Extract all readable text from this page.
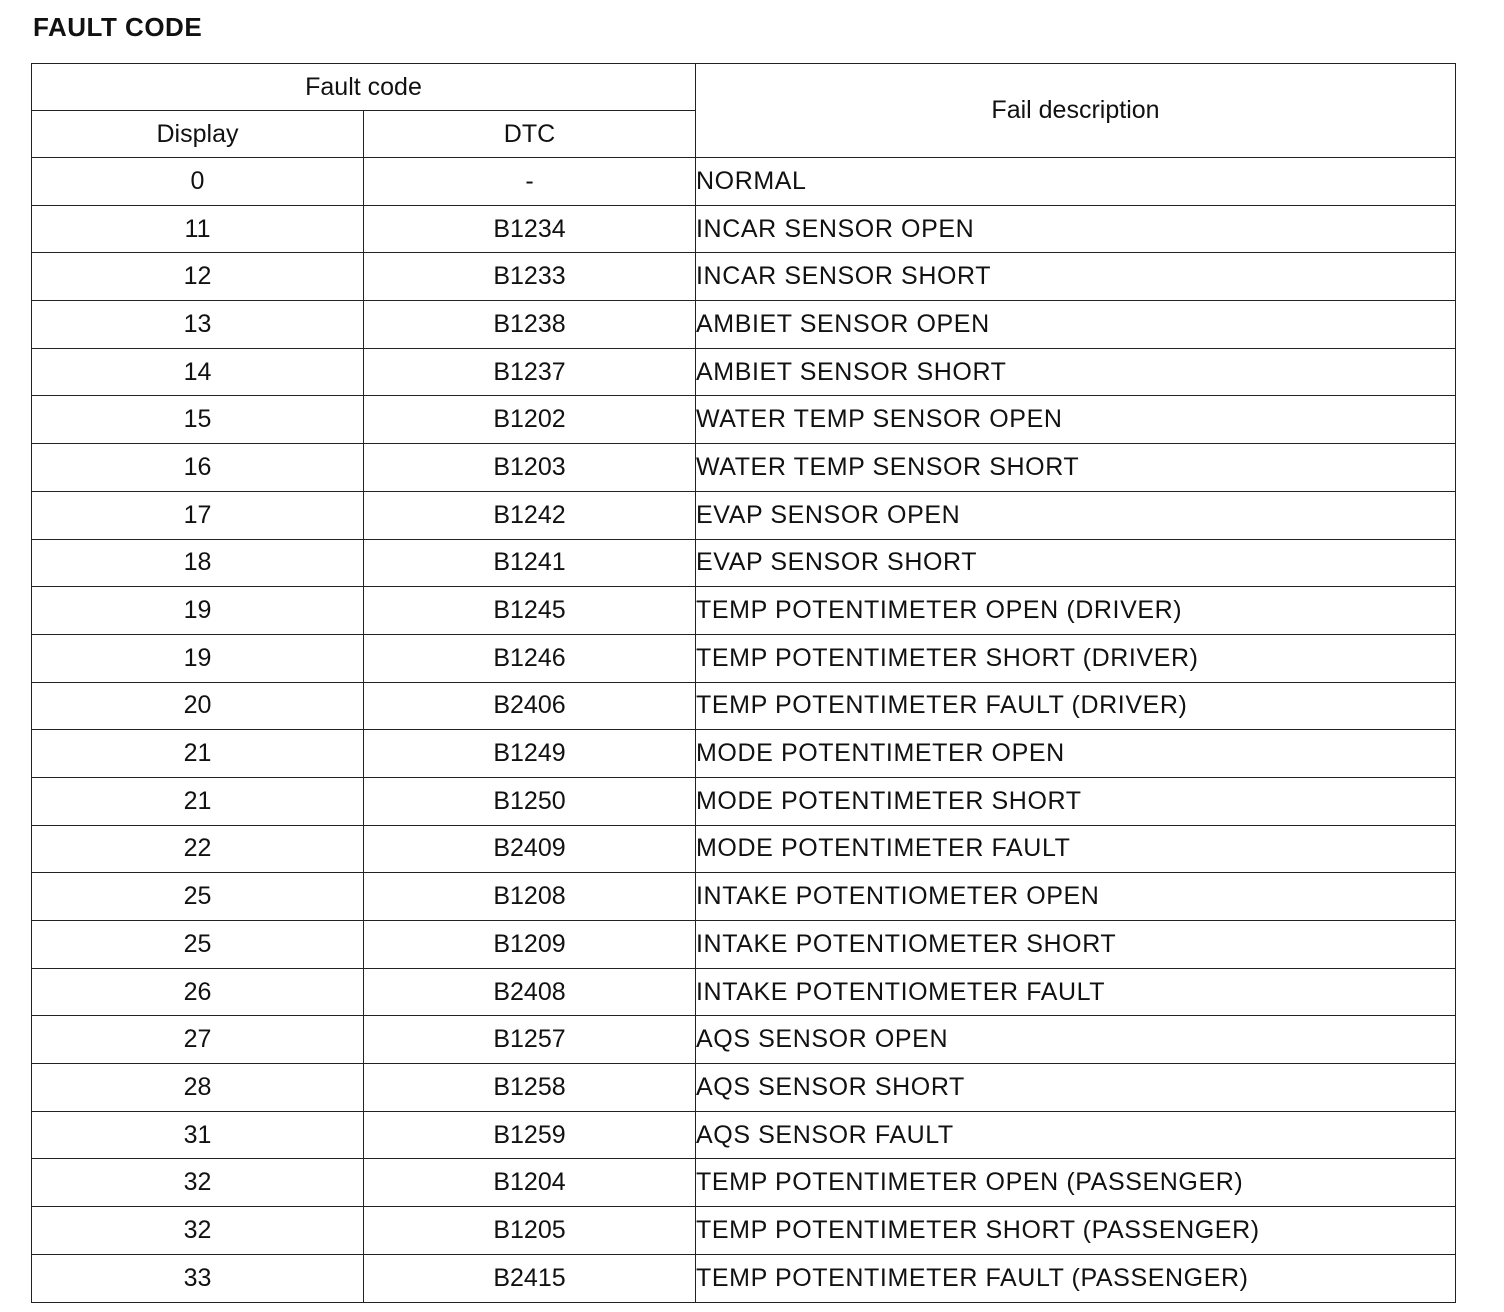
FAULT CODE
Fault code		Fail description
Display	DTC	
0	-	NORMAL
11	B1234	INCAR SENSOR OPEN
12	B1233	INCAR SENSOR SHORT
13	B1238	AMBIET SENSOR OPEN
14	B1237	AMBIET SENSOR SHORT
15	B1202	WATER TEMP SENSOR OPEN
16	B1203	WATER TEMP SENSOR SHORT
17	B1242	EVAP SENSOR OPEN
18	B1241	EVAP SENSOR SHORT
19	B1245	TEMP POTENTIMETER OPEN (DRIVER)
19	B1246	TEMP POTENTIMETER SHORT (DRIVER)
20	B2406	TEMP POTENTIMETER FAULT (DRIVER)
21	B1249	MODE POTENTIMETER OPEN
21	B1250	MODE POTENTIMETER SHORT
22	B2409	MODE POTENTIMETER FAULT
25	B1208	INTAKE POTENTIOMETER OPEN
25	B1209	INTAKE POTENTIOMETER SHORT
26	B2408	INTAKE POTENTIOMETER FAULT
27	B1257	AQS SENSOR OPEN
28	B1258	AQS SENSOR SHORT
31	B1259	AQS SENSOR FAULT
32	B1204	TEMP POTENTIMETER OPEN (PASSENGER)
32	B1205	TEMP POTENTIMETER SHORT (PASSENGER)
33	B2415	TEMP POTENTIMETER FAULT (PASSENGER)
